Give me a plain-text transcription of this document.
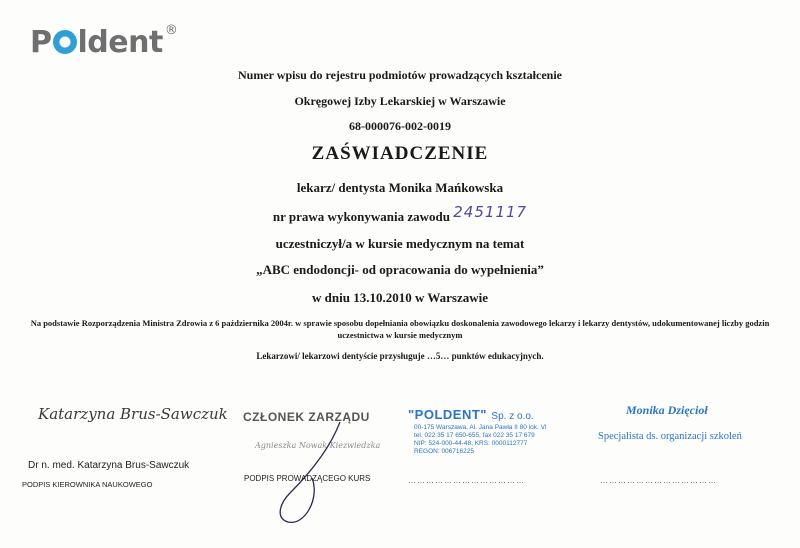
P ldent ®
Numer wpisu do rejestru podmiotów prowadzących kształcenie
Okręgowej Izby Lekarskiej w Warszawie
68-000076-002-0019
ZAŚWIADCZENIE
lekarz/ dentysta Monika Mańkowska
nr prawa wykonywania zawodu 2451117
uczestniczył/a w kursie medycznym na temat
„ABC endodoncji- od opracowania do wypełnienia”
w dniu 13.10.2010 w Warszawie
Na podstawie Rozporządzenia Ministra Zdrowia z 6 października 2004r. w sprawie sposobu dopełniania obowiązku doskonalenia zawodowego lekarzy i lekarzy dentystów, udokumentowanej liczby godzin
uczestnictwa w kursie medycznym
Lekarzowi/ lekarzowi dentyście przysługuje …5… punktów edukacyjnych.
Katarzyna Brus-Sawczuk
Dr n. med. Katarzyna Brus-Sawczuk
PODPIS KIEROWNIKA NAUKOWEGO
CZŁONEK ZARZĄDU
Agnieszka Nowak-Kiezwiedzka
PODPIS PROWADZĄCEGO KURS
"POLDENT" Sp. z o.o.
00-175 Warszawa, Al. Jana Pawła II 80 lok. VI
tel. 022 35 17 650-655, fax 022 35 17 679
NIP: 524-000-44-48, KRS: 0000112777
REGON: 006716225
…………………………………
Monika Dzięcioł
Specjalista ds. organizacji szkoleń
…………………………………
